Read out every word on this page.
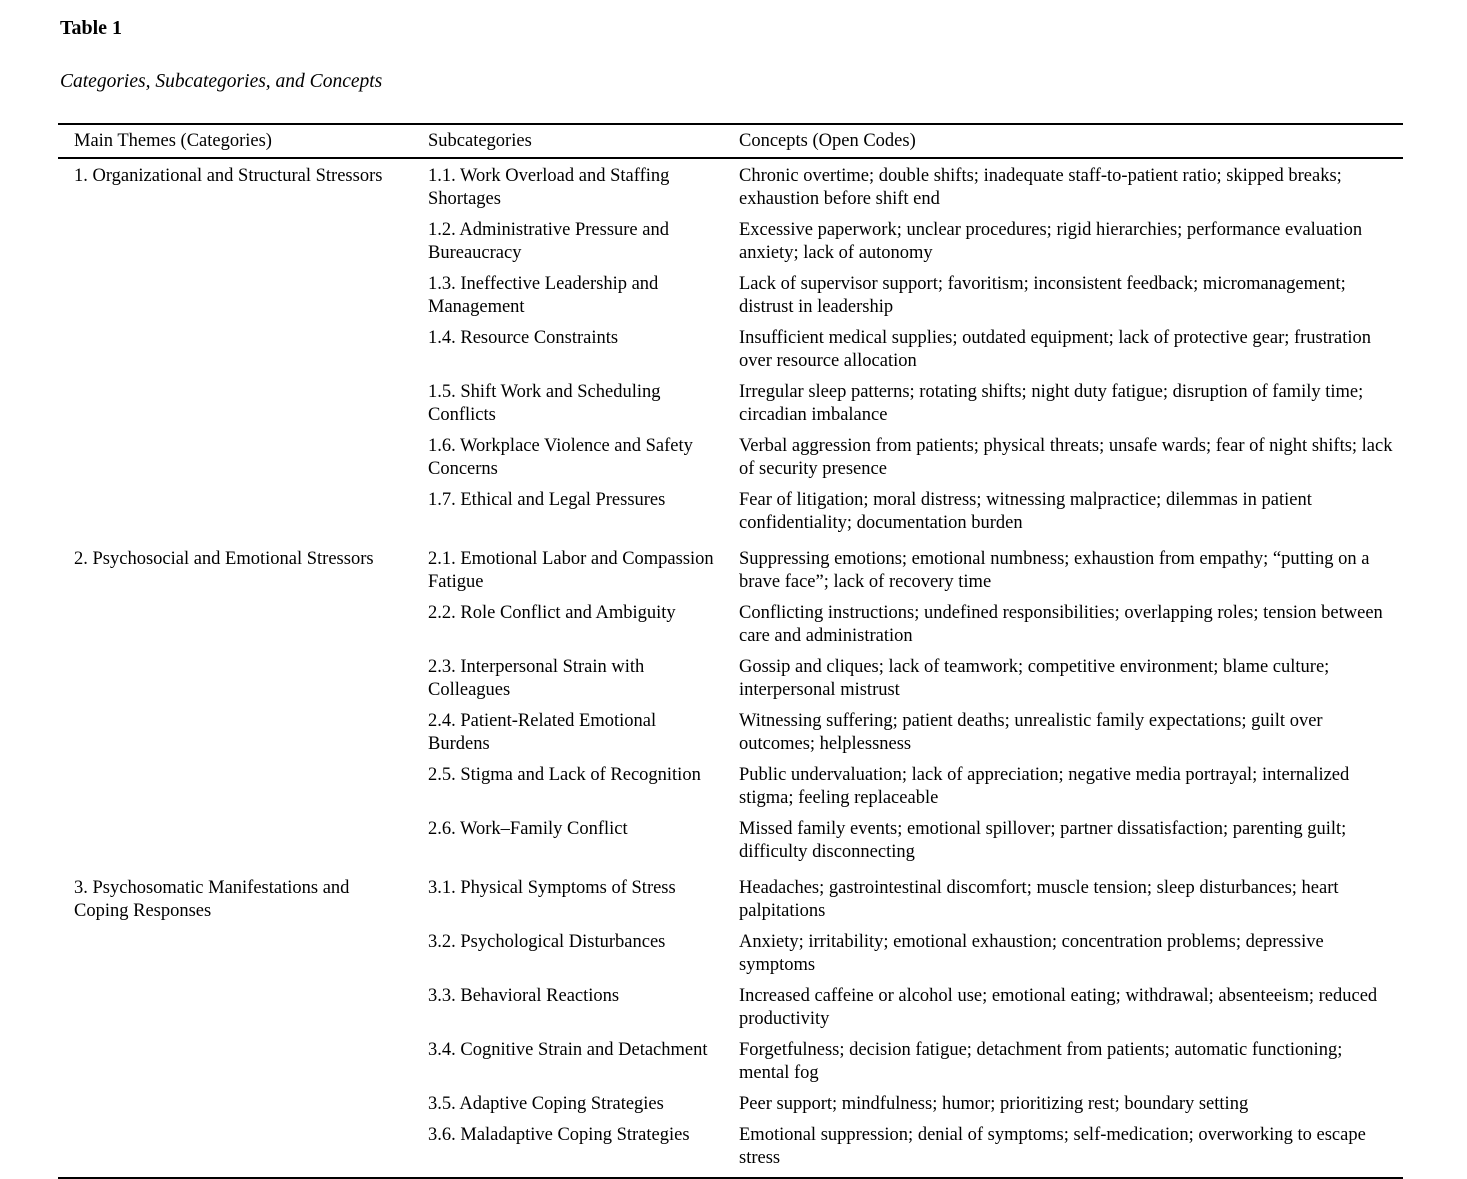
Table 1
Categories, Subcategories, and Concepts
Main Themes (Categories)	Subcategories	Concepts (Open Codes)
1. Organizational and Structural Stressors	1.1. Work Overload and Staffing Shortages	Chronic overtime; double shifts; inadequate staff-to-patient ratio; skipped breaks; exhaustion before shift end
	1.2. Administrative Pressure and Bureaucracy	Excessive paperwork; unclear procedures; rigid hierarchies; performance evaluation anxiety; lack of autonomy
	1.3. Ineffective Leadership and Management	Lack of supervisor support; favoritism; inconsistent feedback; micromanagement; distrust in leadership
	1.4. Resource Constraints	Insufficient medical supplies; outdated equipment; lack of protective gear; frustration over resource allocation
	1.5. Shift Work and Scheduling Conflicts	Irregular sleep patterns; rotating shifts; night duty fatigue; disruption of family time; circadian imbalance
	1.6. Workplace Violence and Safety Concerns	Verbal aggression from patients; physical threats; unsafe wards; fear of night shifts; lack of security presence
	1.7. Ethical and Legal Pressures	Fear of litigation; moral distress; witnessing malpractice; dilemmas in patient confidentiality; documentation burden
2. Psychosocial and Emotional Stressors	2.1. Emotional Labor and Compassion Fatigue	Suppressing emotions; emotional numbness; exhaustion from empathy; “putting on a brave face”; lack of recovery time
	2.2. Role Conflict and Ambiguity	Conflicting instructions; undefined responsibilities; overlapping roles; tension between care and administration
	2.3. Interpersonal Strain with Colleagues	Gossip and cliques; lack of teamwork; competitive environment; blame culture; interpersonal mistrust
	2.4. Patient-Related Emotional Burdens	Witnessing suffering; patient deaths; unrealistic family expectations; guilt over outcomes; helplessness
	2.5. Stigma and Lack of Recognition	Public undervaluation; lack of appreciation; negative media portrayal; internalized stigma; feeling replaceable
	2.6. Work–Family Conflict	Missed family events; emotional spillover; partner dissatisfaction; parenting guilt; difficulty disconnecting
3. Psychosomatic Manifestations and Coping Responses	3.1. Physical Symptoms of Stress	Headaches; gastrointestinal discomfort; muscle tension; sleep disturbances; heart palpitations
	3.2. Psychological Disturbances	Anxiety; irritability; emotional exhaustion; concentration problems; depressive symptoms
	3.3. Behavioral Reactions	Increased caffeine or alcohol use; emotional eating; withdrawal; absenteeism; reduced productivity
	3.4. Cognitive Strain and Detachment	Forgetfulness; decision fatigue; detachment from patients; automatic functioning; mental fog
	3.5. Adaptive Coping Strategies	Peer support; mindfulness; humor; prioritizing rest; boundary setting
	3.6. Maladaptive Coping Strategies	Emotional suppression; denial of symptoms; self-medication; overworking to escape stress
